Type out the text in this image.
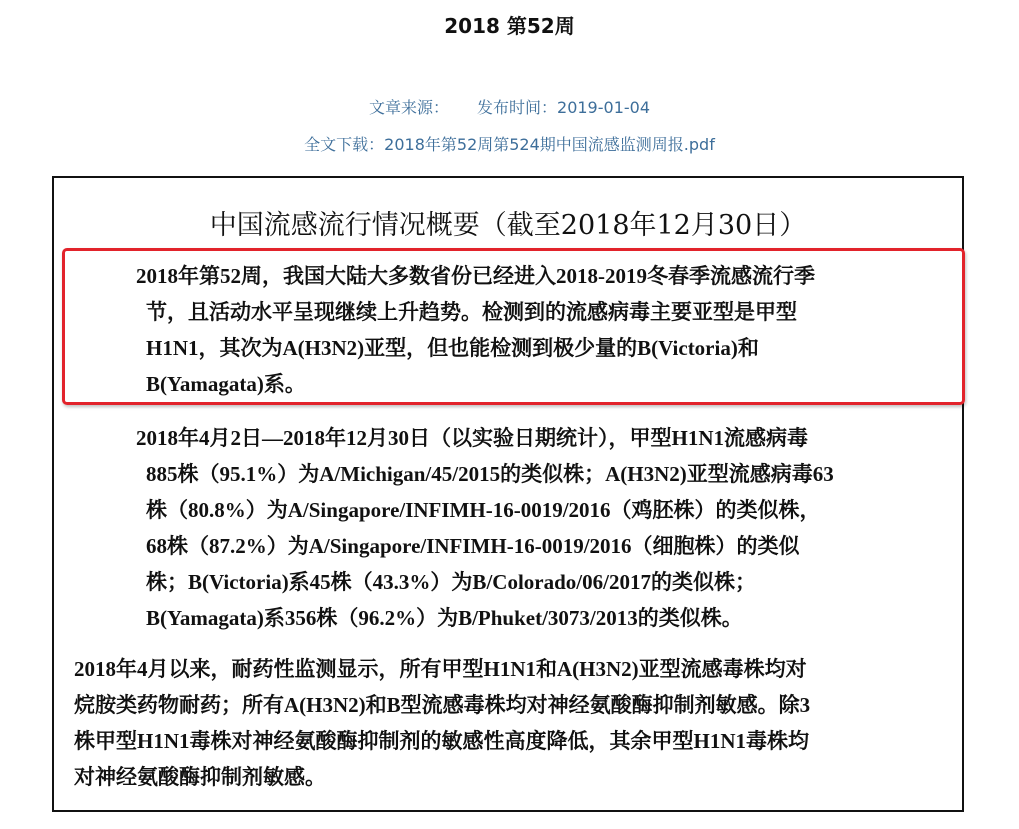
2018 第52周
文章来源： 发布时间：2019-01-04
全文下载：2018年第52周第524期中国流感监测周报.pdf
中国流感流行情况概要（截至2018年12月30日）
2018年第52周，我国大陆大多数省份已经进入2018-2019冬春季流感流行季
节，且活动水平呈现继续上升趋势。检测到的流感病毒主要亚型是甲型
H1N1，其次为A(H3N2)亚型，但也能检测到极少量的B(Victoria)和
B(Yamagata)系。
2018年4月2日—2018年12月30日（以实验日期统计），甲型H1N1流感病毒
885株（95.1%）为A/Michigan/45/2015的类似株；A(H3N2)亚型流感病毒63
株（80.8%）为A/Singapore/INFIMH-16-0019/2016（鸡胚株）的类似株，
68株（87.2%）为A/Singapore/INFIMH-16-0019/2016（细胞株）的类似
株；B(Victoria)系45株（43.3%）为B/Colorado/06/2017的类似株；
B(Yamagata)系356株（96.2%）为B/Phuket/3073/2013的类似株。
2018年4月以来，耐药性监测显示，所有甲型H1N1和A(H3N2)亚型流感毒株均对
烷胺类药物耐药；所有A(H3N2)和B型流感毒株均对神经氨酸酶抑制剂敏感。除3
株甲型H1N1毒株对神经氨酸酶抑制剂的敏感性高度降低，其余甲型H1N1毒株均
对神经氨酸酶抑制剂敏感。
